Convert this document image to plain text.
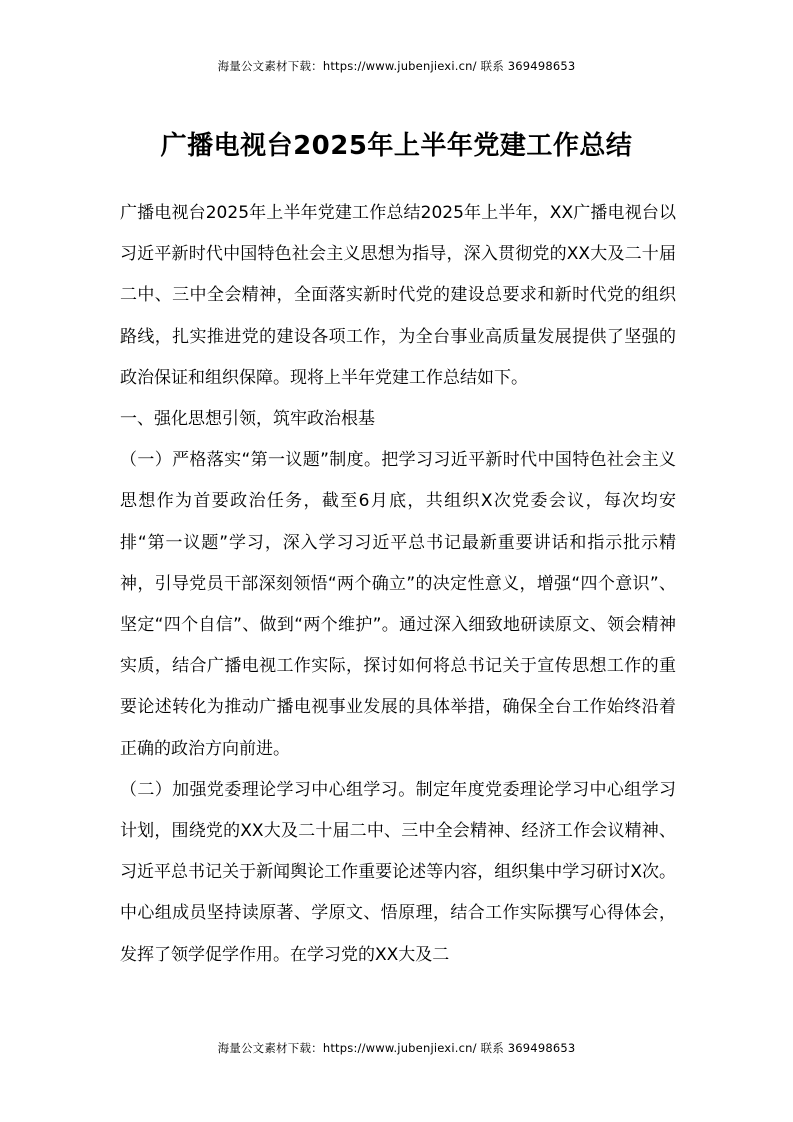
海量公文素材下载：https://www.jubenjiexi.cn/ 联系 369498653
广播电视台2025年上半年党建工作总结

广播电视台2025年上半年党建工作总结2025年上半年，XX广播电视台以习近平新时代中国特色社会主义思想为指导，深入贯彻党的XX大及二十届二中、三中全会精神，全面落实新时代党的建设总要求和新时代党的组织路线，扎实推进党的建设各项工作，为全台事业高质量发展提供了坚强的政治保证和组织保障。现将上半年党建工作总结如下。

一、强化思想引领，筑牢政治根基

（一）严格落实“第一议题”制度。把学习习近平新时代中国特色社会主义思想作为首要政治任务，截至6月底，共组织X次党委会议，每次均安排“第一议题”学习，深入学习习近平总书记最新重要讲话和指示批示精神，引导党员干部深刻领悟“两个确立”的决定性意义，增强“四个意识”、坚定“四个自信”、做到“两个维护”。通过深入细致地研读原文、领会精神实质，结合广播电视工作实际，探讨如何将总书记关于宣传思想工作的重要论述转化为推动广播电视事业发展的具体举措，确保全台工作始终沿着正确的政治方向前进。

（二）加强党委理论学习中心组学习。制定年度党委理论学习中心组学习计划，围绕党的XX大及二十届二中、三中全会精神、经济工作会议精神、习近平总书记关于新闻舆论工作重要论述等内容，组织集中学习研讨X次。中心组成员坚持读原著、学原文、悟原理，结合工作实际撰写心得体会，发挥了领学促学作用。在学习党的XX大及二

海量公文素材下载：https://www.jubenjiexi.cn/ 联系 369498653
